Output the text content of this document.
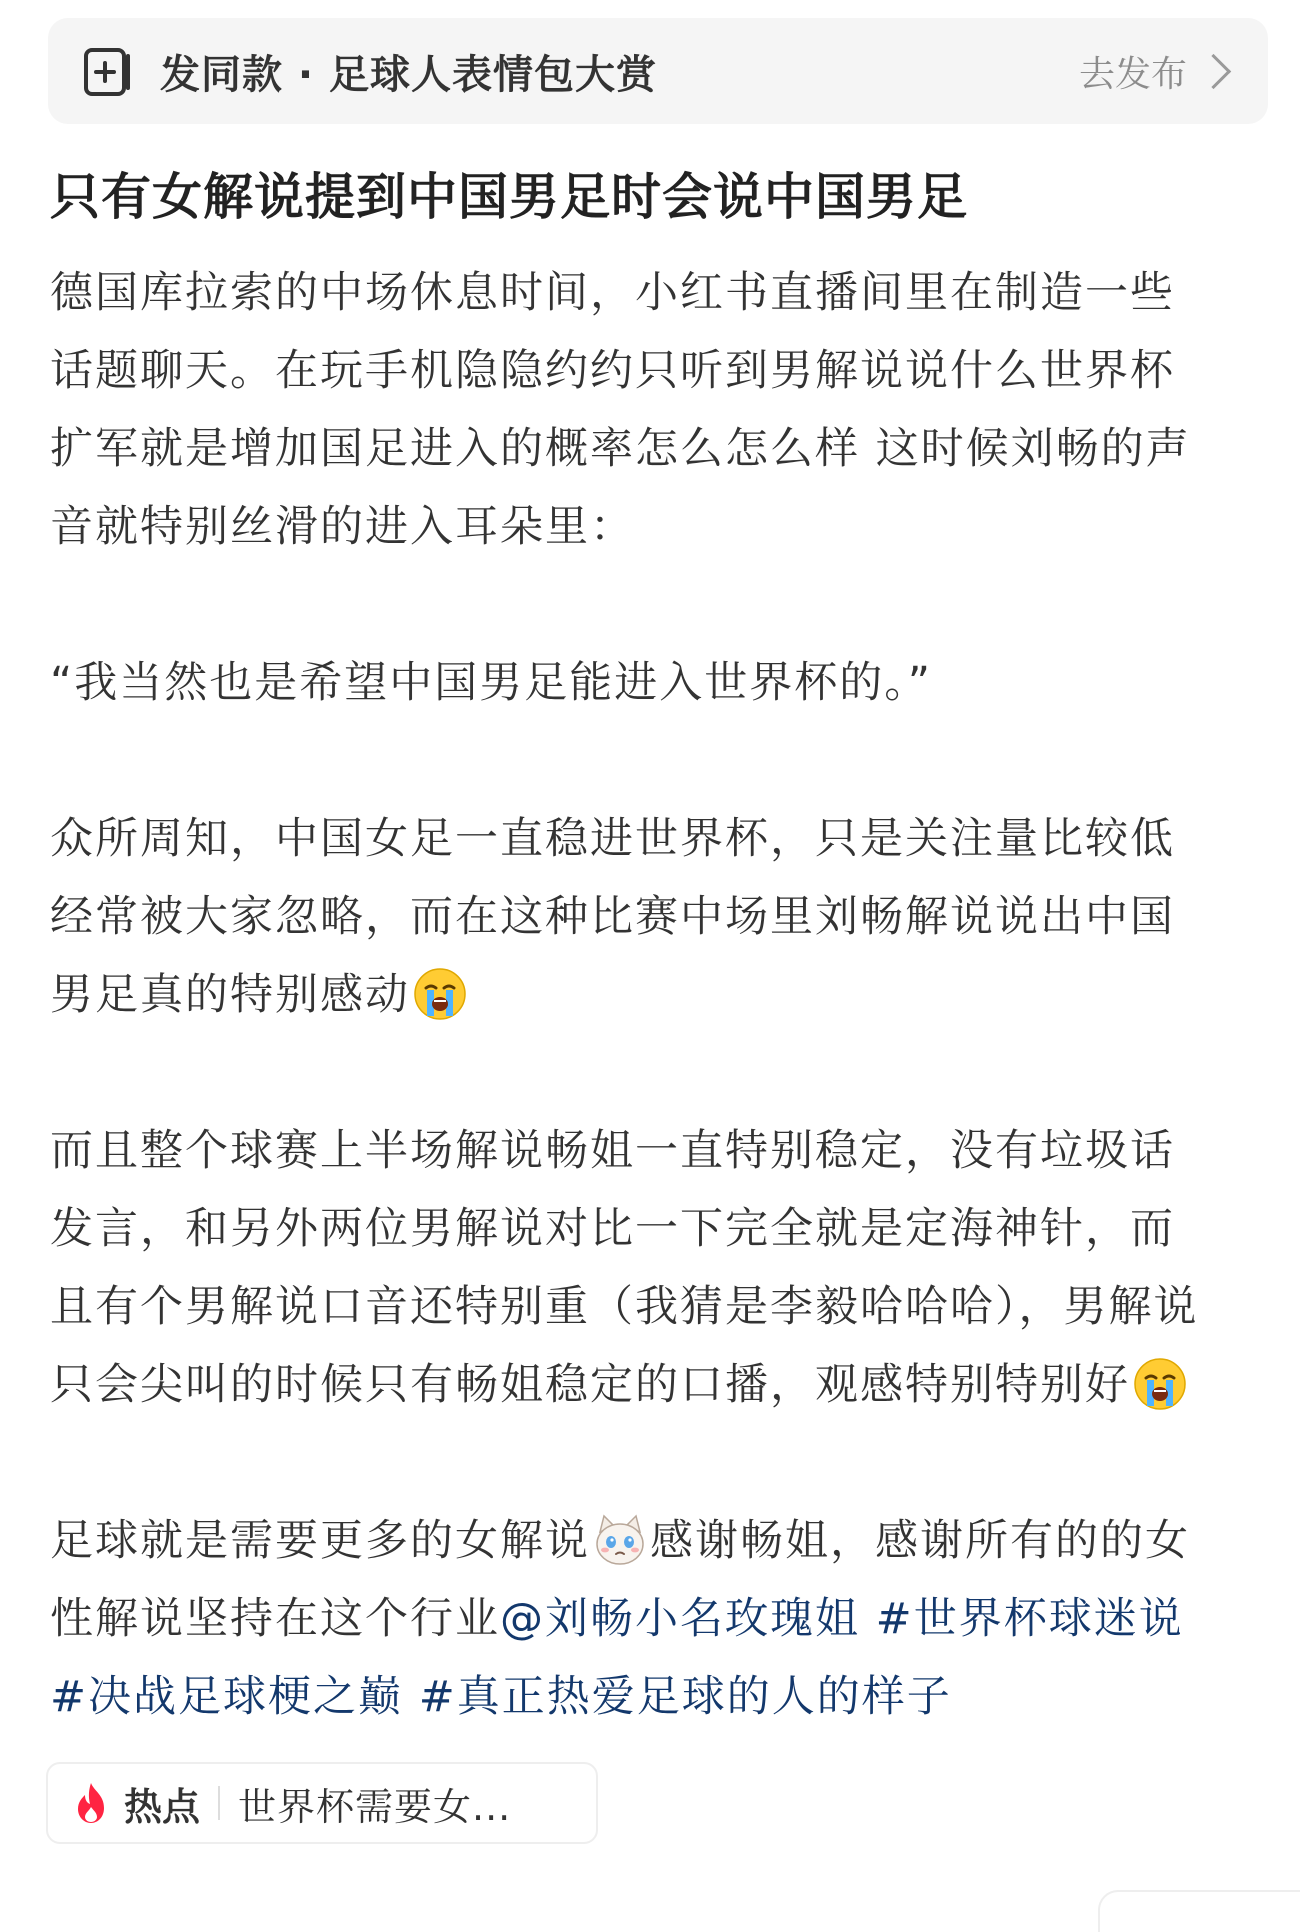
发同款 · 足球人表情包大赏	去发布
只有女解说提到中国男足时会说中国男足
德国库拉索的中场休息时间，小红书直播间里在制造一些
话题聊天。在玩手机隐隐约约只听到男解说说什么世界杯
扩军就是增加国足进入的概率怎么怎么样 这时候刘畅的声
音就特别丝滑的进入耳朵里：
“我当然也是希望中国男足能进入世界杯的。”
众所周知，中国女足一直稳进世界杯，只是关注量比较低
经常被大家忽略，而在这种比赛中场里刘畅解说说出中国
男足真的特别感动
而且整个球赛上半场解说畅姐一直特别稳定，没有垃圾话
发言，和另外两位男解说对比一下完全就是定海神针，而
且有个男解说口音还特别重（我猜是李毅哈哈哈），男解说
只会尖叫的时候只有畅姐稳定的口播，观感特别特别好
足球就是需要更多的女解说 感谢畅姐，感谢所有的的女
性解说坚持在这个行业@刘畅小名玫瑰姐 #世界杯球迷说
#决战足球梗之巅 #真正热爱足球的人的样子
热点 世界杯需要女...
